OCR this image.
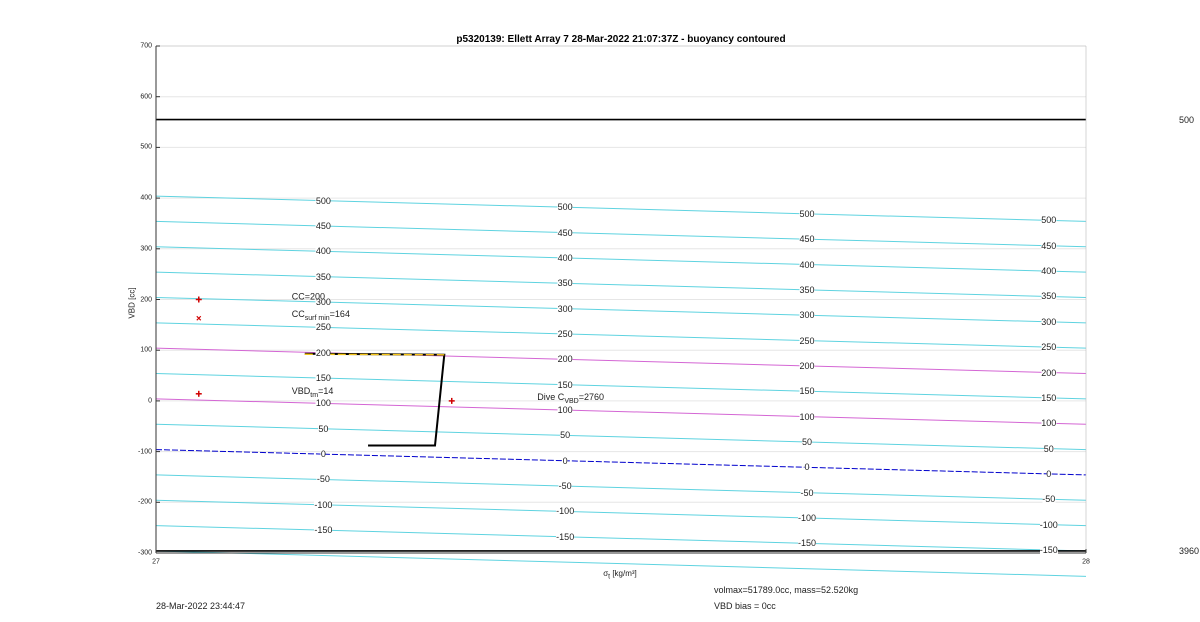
p5320139: Ellett Array 7 28-Mar-2022 21:07:37Z - buoyancy contoured
VBD [cc]
$\sigma_t$ [kg/m³]
volmax=51789.0cc, mass=52.520kg
VBD bias = 0cc
28-Mar-2022 23:44:47
-150
-150
-150
-150
-100
-100
-100
-100
-50
-50
-50
-50
0
0
0
0
50
50
50
50
100
100
100
100
150
150
150
150
200
200
200
200
250
250
250
250
300
300
300
300
350
350
350
350
400
400
400
400
450
450
450
450
500
500
500
500
500
3960
CC=200
$CC_{surf min}=164$
$VBD_{tm}=14$
Dive $C_{VBD}=2760$
-300
-200
-100
0
100
200
300
400
500
600
700
27	28
